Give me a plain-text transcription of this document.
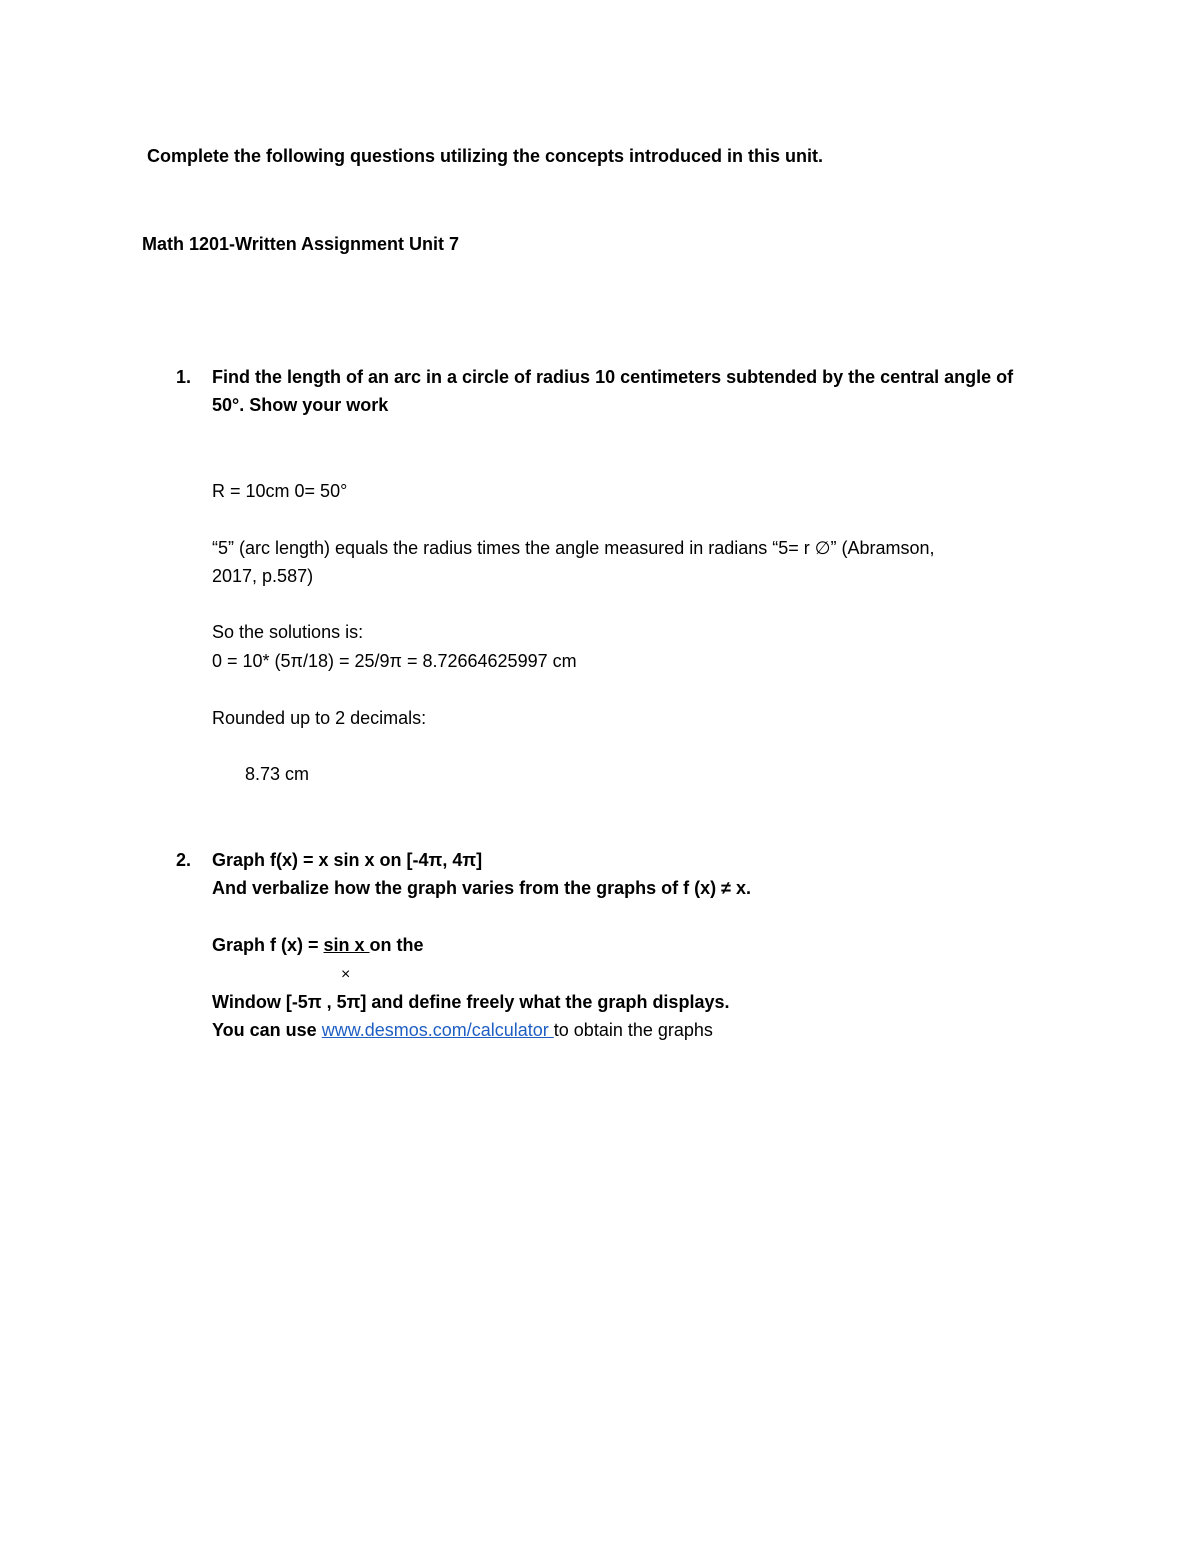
Complete the following questions utilizing the concepts introduced in this unit.
Math 1201-Written Assignment Unit 7
1. Find the length of an arc in a circle of radius 10 centimeters subtended by the central angle of
50°. Show your work
R = 10cm 0= 50°
“5” (arc length) equals the radius times the angle measured in radians “5= r ∅” (Abramson,
2017, p.587)
So the solutions is:
0 = 10* (5π/18) = 25/9π = 8.72664625997 cm
Rounded up to 2 decimals:
8.73 cm
2. Graph f(x) = x sin x on [-4π, 4π]
And verbalize how the graph varies from the graphs of f (x) ≠ x.
Graph f (x) = sin x on the
×
Window [-5π , 5π] and define freely what the graph displays.
You can use www.desmos.com/calculator to obtain the graphs
